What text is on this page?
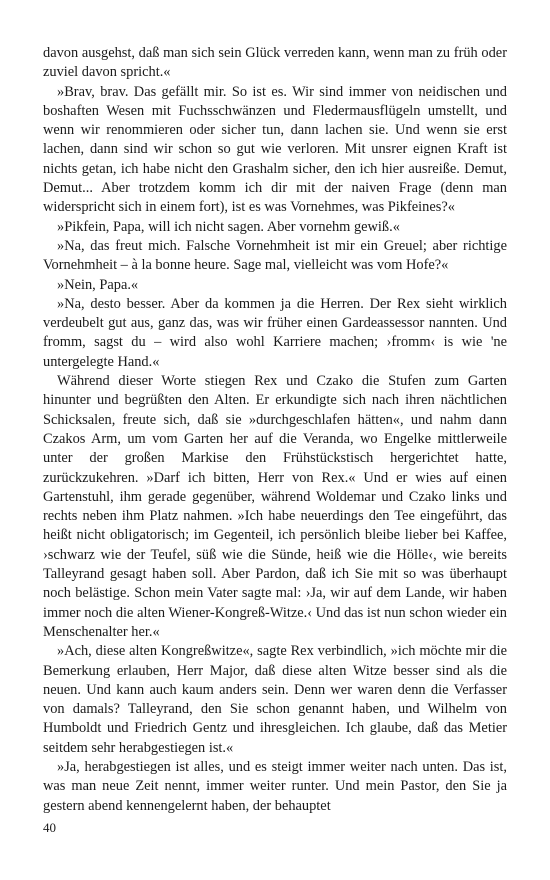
davon ausgehst, daß man sich sein Glück verreden kann, wenn man zu früh oder zuviel davon spricht.«

»Brav, brav. Das gefällt mir. So ist es. Wir sind immer von neidischen und boshaften Wesen mit Fuchsschwänzen und Fledermausflügeln umstellt, und wenn wir renommieren oder sicher tun, dann lachen sie. Und wenn sie erst lachen, dann sind wir schon so gut wie verloren. Mit unsrer eignen Kraft ist nichts getan, ich habe nicht den Grashalm sicher, den ich hier ausreiße. Demut, Demut... Aber trotzdem komm ich dir mit der naiven Frage (denn man widerspricht sich in einem fort), ist es was Vornehmes, was Pikfeines?«

»Pikfein, Papa, will ich nicht sagen. Aber vornehm gewiß.«

»Na, das freut mich. Falsche Vornehmheit ist mir ein Greuel; aber richtige Vornehmheit – à la bonne heure. Sage mal, vielleicht was vom Hofe?«

»Nein, Papa.«

»Na, desto besser. Aber da kommen ja die Herren. Der Rex sieht wirklich verdeubelt gut aus, ganz das, was wir früher einen Gardeassessor nannten. Und fromm, sagst du – wird also wohl Karriere machen; ›fromm‹ is wie 'ne untergelegte Hand.«

Während dieser Worte stiegen Rex und Czako die Stufen zum Garten hinunter und begrüßten den Alten. Er erkundigte sich nach ihren nächtlichen Schicksalen, freute sich, daß sie »durchgeschlafen hätten«, und nahm dann Czakos Arm, um vom Garten her auf die Veranda, wo Engelke mittlerweile unter der großen Markise den Frühstückstisch hergerichtet hatte, zurückzukehren. »Darf ich bitten, Herr von Rex.« Und er wies auf einen Gartenstuhl, ihm gerade gegenüber, während Woldemar und Czako links und rechts neben ihm Platz nahmen. »Ich habe neuerdings den Tee eingeführt, das heißt nicht obligatorisch; im Gegenteil, ich persönlich bleibe lieber bei Kaffee, ›schwarz wie der Teufel, süß wie die Sünde, heiß wie die Hölle‹, wie bereits Talleyrand gesagt haben soll. Aber Pardon, daß ich Sie mit so was überhaupt noch belästige. Schon mein Vater sagte mal: ›Ja, wir auf dem Lande, wir haben immer noch die alten Wiener-Kongreß-Witze.‹ Und das ist nun schon wieder ein Menschenalter her.«

»Ach, diese alten Kongreßwitze«, sagte Rex verbindlich, »ich möchte mir die Bemerkung erlauben, Herr Major, daß diese alten Witze besser sind als die neuen. Und kann auch kaum anders sein. Denn wer waren denn die Verfasser von damals? Talleyrand, den Sie schon genannt haben, und Wilhelm von Humboldt und Friedrich Gentz und ihresgleichen. Ich glaube, daß das Metier seitdem sehr herabgestiegen ist.«

»Ja, herabgestiegen ist alles, und es steigt immer weiter nach unten. Das ist, was man neue Zeit nennt, immer weiter runter. Und mein Pastor, den Sie ja gestern abend kennengelernt haben, der behauptet

40
